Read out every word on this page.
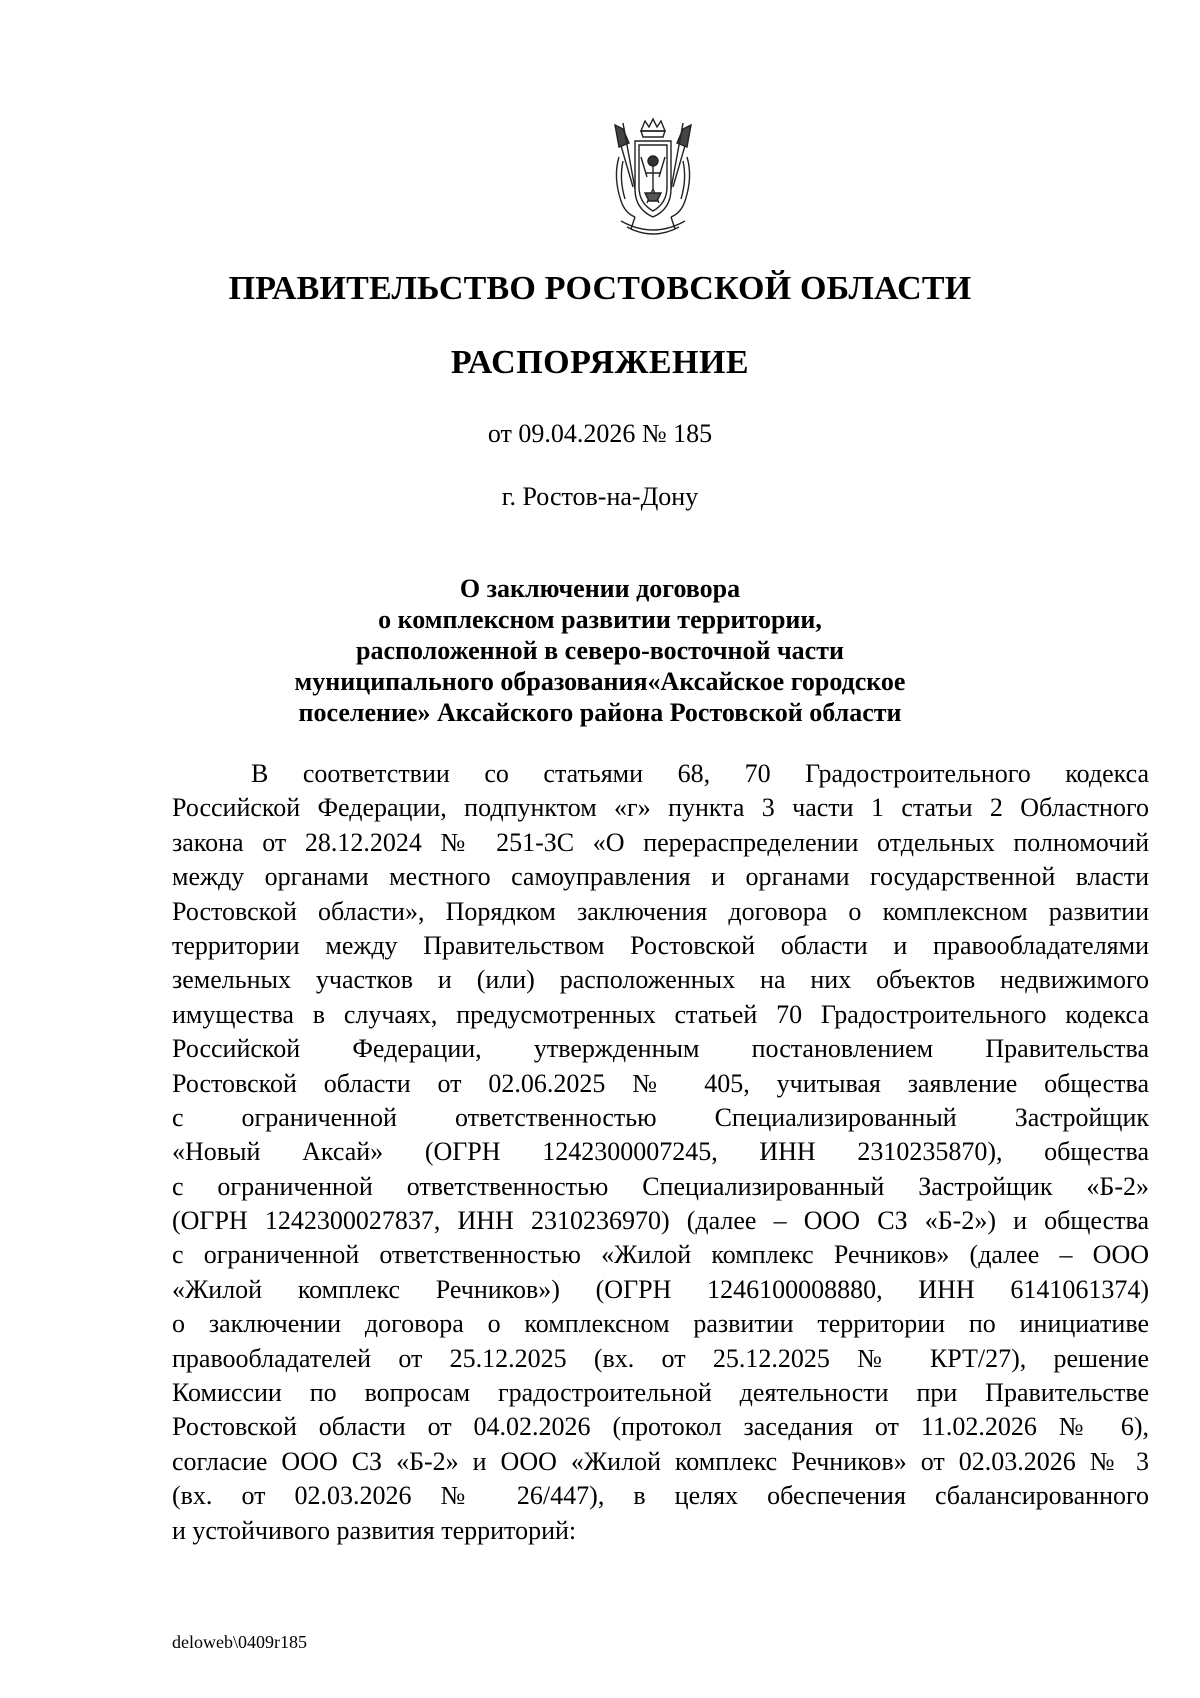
ПРАВИТЕЛЬСТВО РОСТОВСКОЙ ОБЛАСТИ
РАСПОРЯЖЕНИЕ
от 09.04.2026 № 185
г. Ростов-на-Дону
О заключении договора
о комплексном развитии территории,
расположенной в северо-восточной части
муниципального образования«Аксайское городское
поселение» Аксайского района Ростовской области
В соответствии со статьями 68, 70 Градостроительного кодекса
Российской Федерации, подпунктом «г» пункта 3 части 1 статьи 2 Областного
закона от 28.12.2024 № 251-ЗС «О перераспределении отдельных полномочий
между органами местного самоуправления и органами государственной власти
Ростовской области», Порядком заключения договора о комплексном развитии
территории между Правительством Ростовской области и правообладателями
земельных участков и (или) расположенных на них объектов недвижимого
имущества в случаях, предусмотренных статьей 70 Градостроительного кодекса
Российской Федерации, утвержденным постановлением Правительства
Ростовской области от 02.06.2025 № 405, учитывая заявление общества
с ограниченной ответственностью Специализированный Застройщик
«Новый Аксай» (ОГРН 1242300007245, ИНН 2310235870), общества
с ограниченной ответственностью Специализированный Застройщик «Б-2»
(ОГРН 1242300027837, ИНН 2310236970) (далее – ООО СЗ «Б-2») и общества
с ограниченной ответственностью «Жилой комплекс Речников» (далее – ООО
«Жилой комплекс Речников») (ОГРН 1246100008880, ИНН 6141061374)
о заключении договора о комплексном развитии территории по инициативе
правообладателей от 25.12.2025 (вх. от 25.12.2025 № КРТ/27), решение
Комиссии по вопросам градостроительной деятельности при Правительстве
Ростовской области от 04.02.2026 (протокол заседания от 11.02.2026 № 6),
согласие ООО СЗ «Б-2» и ООО «Жилой комплекс Речников» от 02.03.2026 № 3
(вх. от 02.03.2026 № 26/447), в целях обеспечения сбалансированного
и устойчивого развития территорий:
deloweb\0409r185
